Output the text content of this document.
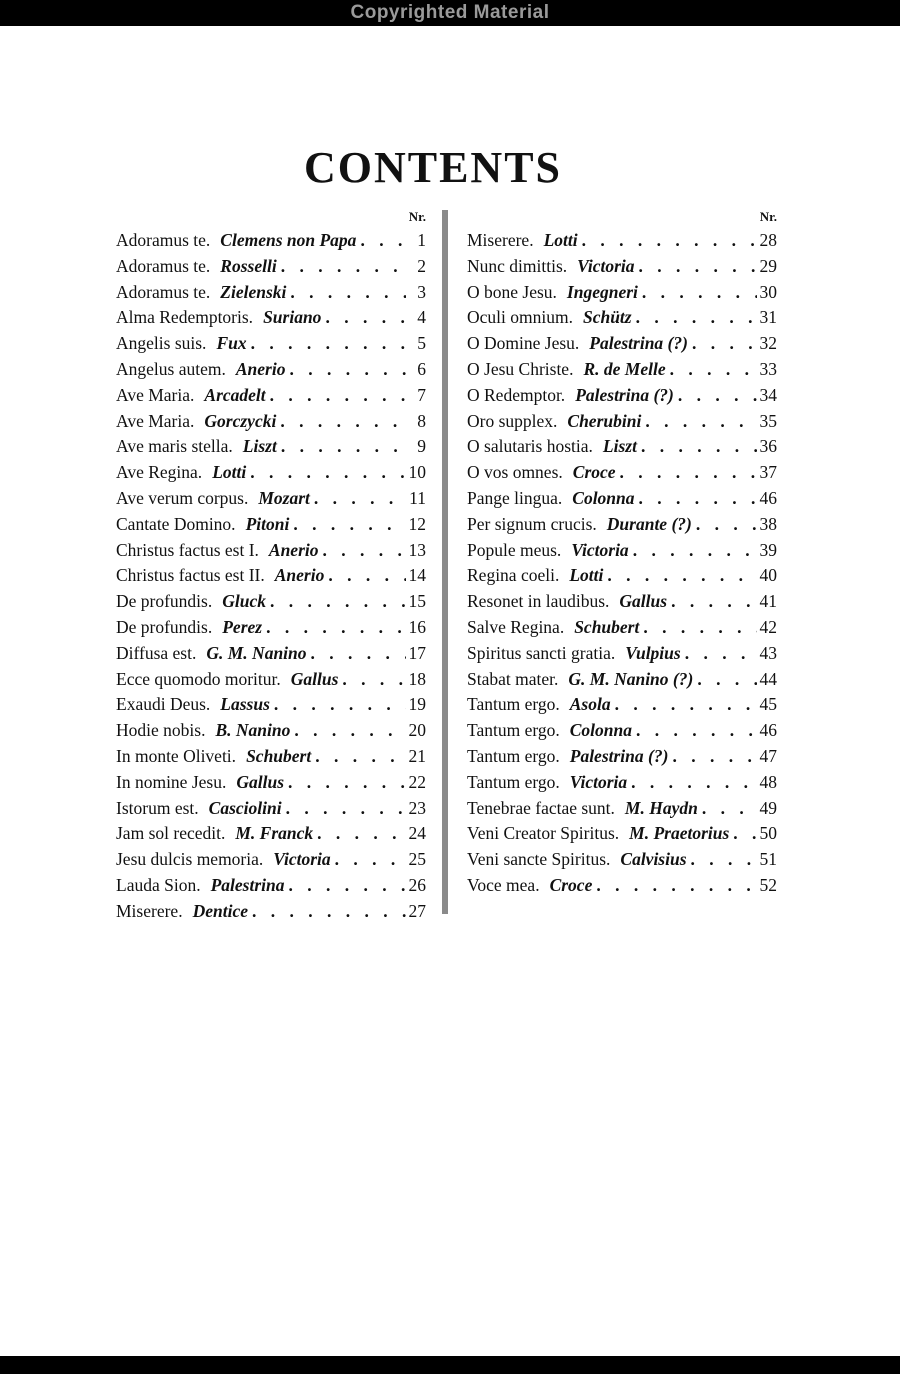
Copyrighted Material
CONTENTS
Nr.
Adoramus te. Clemens non Papa . . .	1
Adoramus te. Rosselli . . .	2
Adoramus te. Zielenski . . .	3
Alma Redemptoris. Suriano . . .	4
Angelis suis. Fux . . .	5
Angelus autem. Anerio . . .	6
Ave Maria. Arcadelt . . .	7
Ave Maria. Gorczycki . . .	8
Ave maris stella. Liszt . . .	9
Ave Regina. Lotti . . .	10
Ave verum corpus. Mozart . . .	11
Cantate Domino. Pitoni . . .	12
Christus factus est I. Anerio . . .	13
Christus factus est II. Anerio . . .	14
De profundis. Gluck . . .	15
De profundis. Perez . . .	16
Diffusa est. G. M. Nanino . . .	17
Ecce quomodo moritur. Gallus . . .	18
Exaudi Deus. Lassus . . .	19
Hodie nobis. B. Nanino . . .	20
In monte Oliveti. Schubert . . .	21
In nomine Jesu. Gallus . . .	22
Istorum est. Casciolini . . .	23
Jam sol recedit. M. Franck . . .	24
Jesu dulcis memoria. Victoria . . .	25
Lauda Sion. Palestrina . . .	26
Miserere. Dentice . . .	27
Nr.
Miserere. Lotti . . .	28
Nunc dimittis. Victoria . . .	29
O bone Jesu. Ingegneri . . .	30
Oculi omnium. Schütz . . .	31
O Domine Jesu. Palestrina (?) . . .	32
O Jesu Christe. R. de Melle . . .	33
O Redemptor. Palestrina (?) . . .	34
Oro supplex. Cherubini . . .	35
O salutaris hostia. Liszt . . .	36
O vos omnes. Croce . . .	37
Pange lingua. Colonna . . .	46
Per signum crucis. Durante (?) . . .	38
Popule meus. Victoria . . .	39
Regina coeli. Lotti . . .	40
Resonet in laudibus. Gallus . . .	41
Salve Regina. Schubert . . .	42
Spiritus sancti gratia. Vulpius . . .	43
Stabat mater. G. M. Nanino (?) . . .	44
Tantum ergo. Asola . . .	45
Tantum ergo. Colonna . . .	46
Tantum ergo. Palestrina (?) . . .	47
Tantum ergo. Victoria . . .	48
Tenebrae factae sunt. M. Haydn . . .	49
Veni Creator Spiritus. M. Praetorius . . . 50
Veni sancte Spiritus. Calvisius . . .	51
Voce mea. Croce . . .	52
